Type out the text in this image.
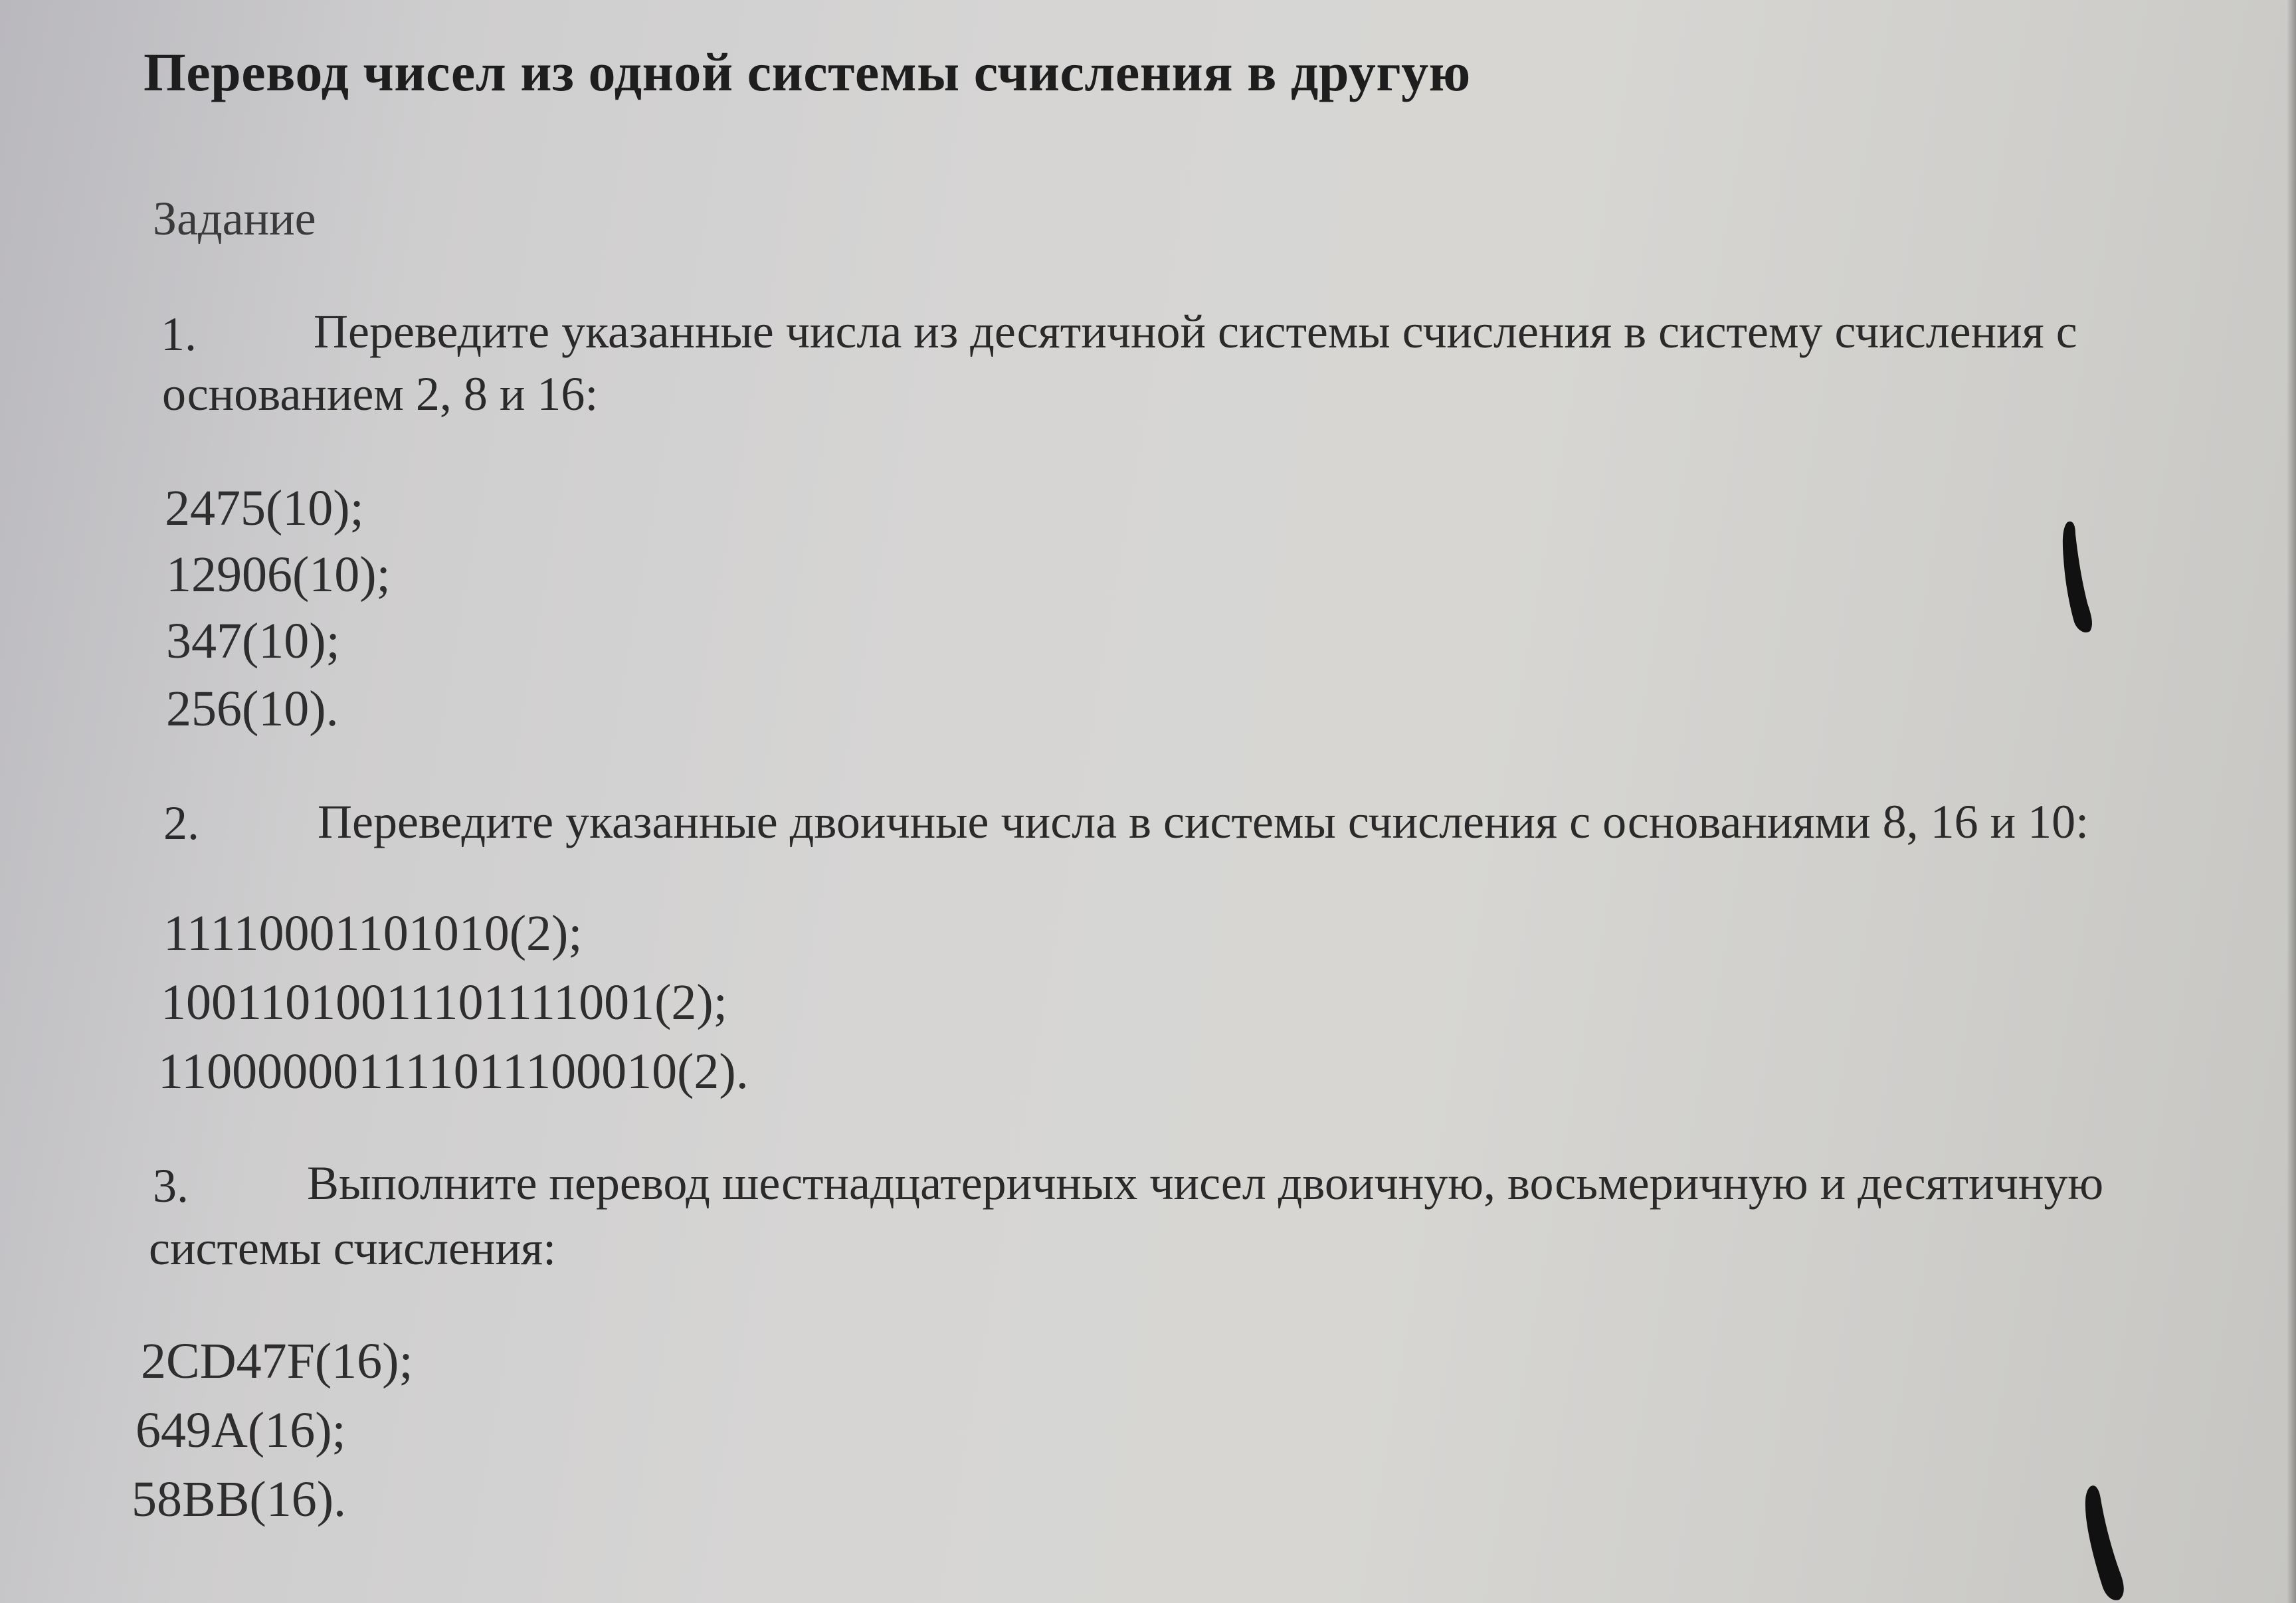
Перевод чисел из одной системы счисления в другую
Задание
1. Переведите указанные числа из десятичной системы счисления в систему счисления с
основанием 2, 8 и 16:
2475(10);
12906(10);
347(10);
256(10).
2. Переведите указанные двоичные числа в системы счисления с основаниями 8, 16 и 10:
11110001101010(2);
10011010011101111001(2);
110000001111011100010(2).
3. Выполните перевод шестнадцатеричных чисел двоичную, восьмеричную и десятичную
системы счисления:
2CD47F(16);
649A(16);
58BB(16).
